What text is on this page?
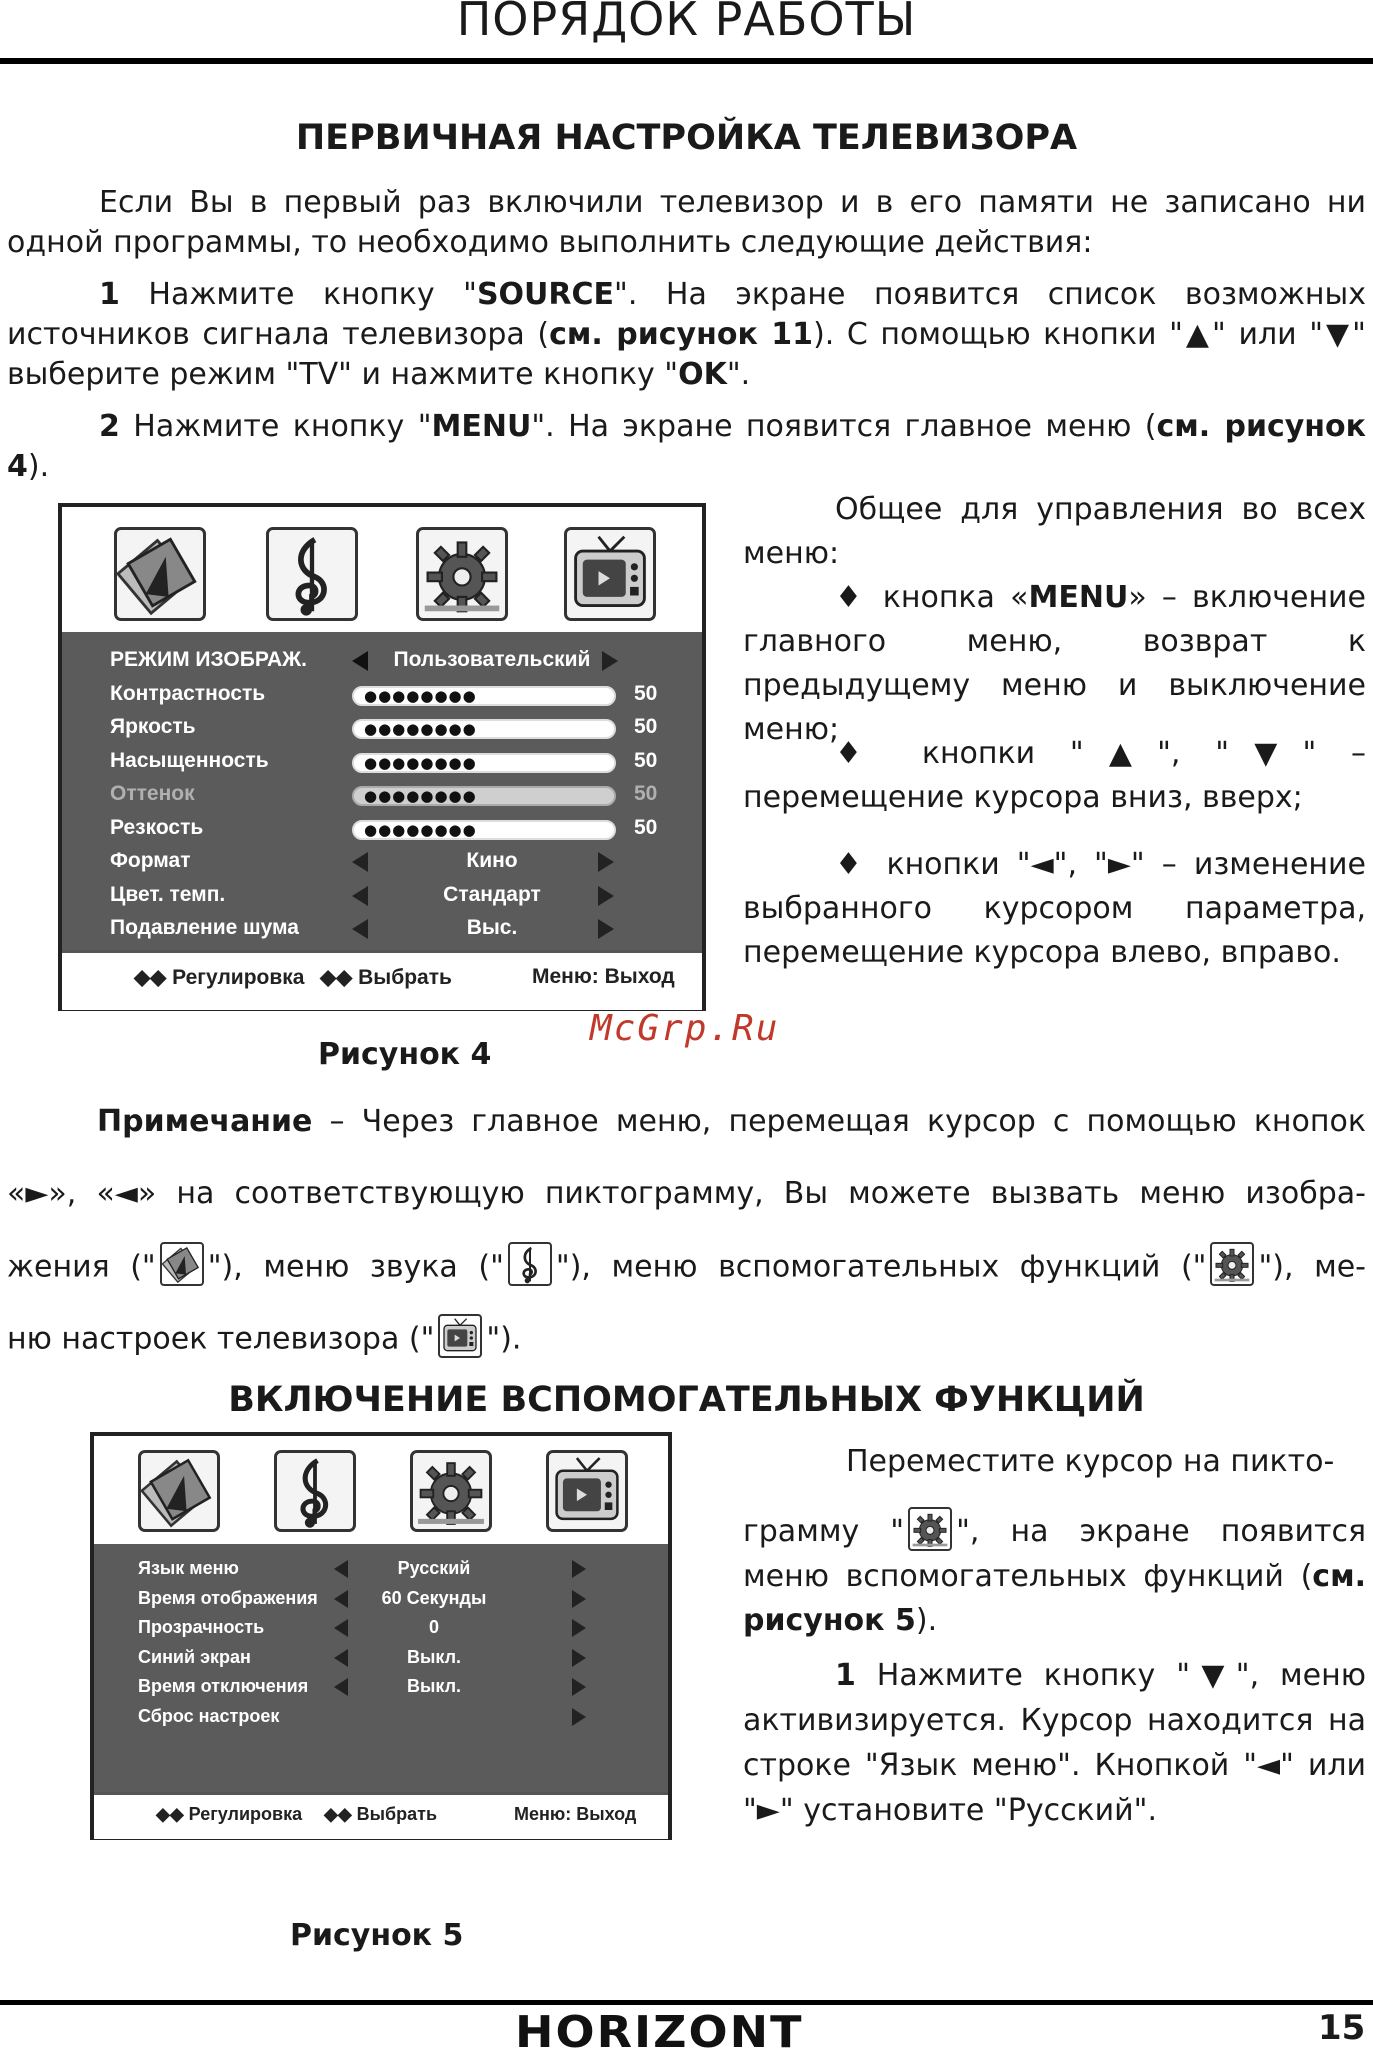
ПОРЯДОК РАБОТЫ
ПЕРВИЧНАЯ НАСТРОЙКА ТЕЛЕВИЗОРА

Если Вы в первый раз включили телевизор и в его памяти не записано ни одной программы, то необходимо выполнить следующие действия:

1 Нажмите кнопку "SOURCE". На экране появится список возможных источников сигнала телевизора (см. рисунок 11). С помощью кнопки "▲" или "▼" выберите режим "TV" и нажмите кнопку "OK".

2 Нажмите кнопку "MENU". На экране появится главное меню (см. рисунок 4).

РЕЖИМ ИЗОБРАЖ.	Пользовательский
Контрастность	●●●●●●●●	50
Яркость	●●●●●●●●	50
Насыщенность	●●●●●●●●	50
Оттенок	●●●●●●●●	50
Резкость	●●●●●●●●	50
Формат	Кино
Цвет. темп.	Стандарт
Подавление шума	Выс.
◆◆ Регулировка ◆◆ Выбрать	Меню: Выход

Общее для управления во всех меню:

♦ кнопка «MENU» – включение главного меню, возврат к предыдущему меню и выключение меню;

♦ кнопки "▲", "▼" – перемещение курсора вниз, вверх;

♦ кнопки "◄", "►" – изменение выбранного курсором параметра, перемещение курсора влево, вправо.

McGrp.Ru
Рисунок 4

Примечание – Через главное меню, перемещая курсор с помощью кнопок

«►», «◄» на соответствующую пиктограмму, Вы можете вызвать меню изобра-

жения (" "), меню звука (" "), меню вспомогательных функций (" "), ме-

ню настроек телевизора (" ").

ВКЛЮЧЕНИЕ ВСПОМОГАТЕЛЬНЫХ ФУНКЦИЙ
Язык меню	Русский
Время отображения	60 Секунды
Прозрачность	0
Синий экран	Выкл.
Время отключения	Выкл.
Сброс настроек
◆◆ Регулировка ◆◆ Выбрать	Меню: Выход

Переместите курсор на пикто-

грамму " ", на экране появится меню вспомогательных функций (см. рисунок 5).

1 Нажмите кнопку "▼", меню активизируется. Курсор находится на строке "Язык меню". Кнопкой "◄" или "►" установите "Русский".

Рисунок 5
HORIZONT	15
